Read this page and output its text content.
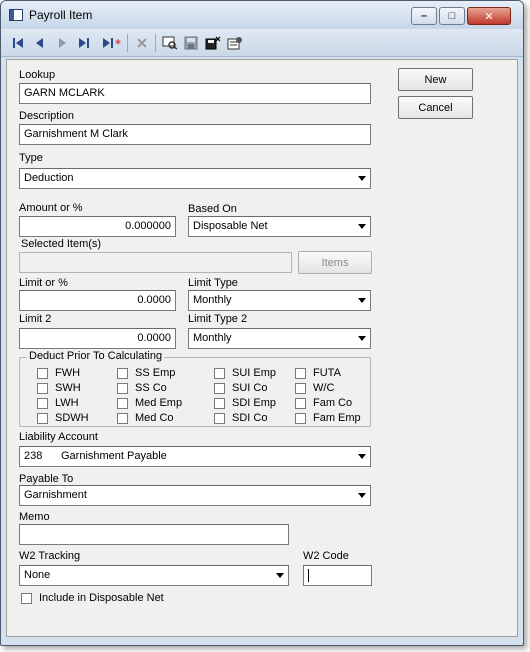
Payroll Item	– □	✕
*
Lookup
GARN MCLARK
Description
Garnishment M Clark
Type
Deduction
Amount or %
0.000000
Based On
Disposable Net
Selected Item(s)
Items
Limit or %
0.0000
Limit Type
Monthly
Limit 2
0.0000
Limit Type 2
Monthly
Deduct Prior To Calculating
Liability Account
238 Garnishment Payable
Payable To
Garnishment
Memo
W2 Tracking
None
W2 Code
Include in Disposable Net
New
Cancel
FWH
SWH
LWH
SDWH
SS Emp
SS Co
Med Emp
Med Co
SUI Emp
SUI Co
SDI Emp
SDI Co
FUTA
W/C
Fam Co
Fam Emp
